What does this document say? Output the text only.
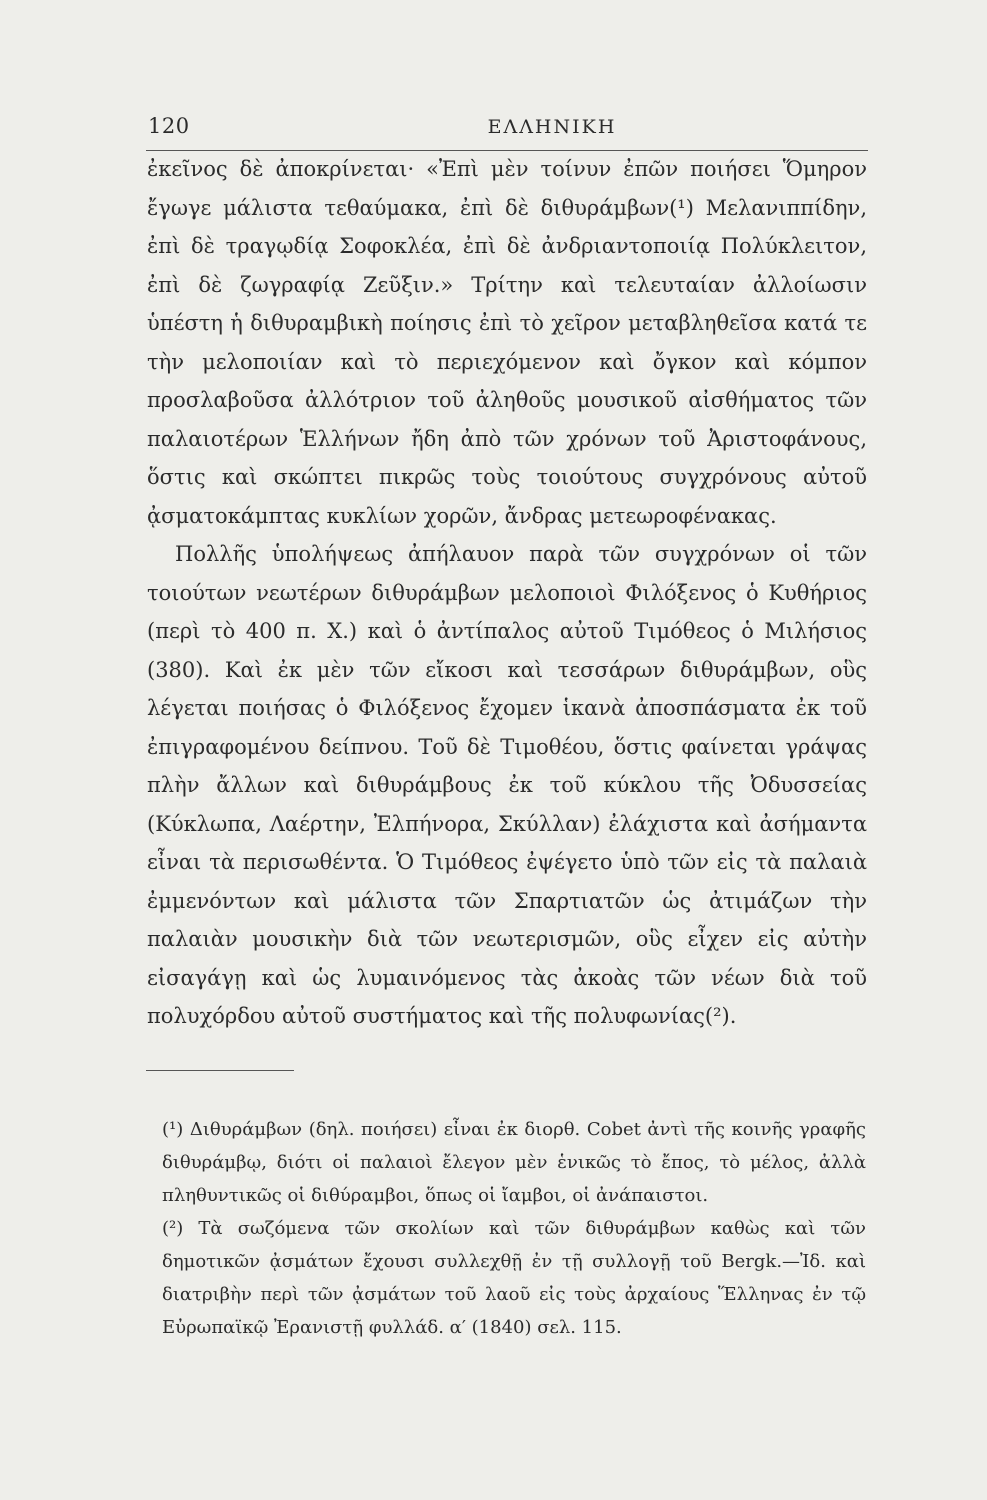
120	ΕΛΛΗΝΙΚΗ

ἐκεῖνος δὲ ἀποκρίνεται· «Ἐπὶ μὲν τοίνυν ἐπῶν ποιήσει Ὅμηρον ἔγωγε μάλιστα τεθαύμακα, ἐπὶ δὲ διθυράμβων(¹) Μελανιππίδην, ἐπὶ δὲ τραγῳδίᾳ Σοφοκλέα, ἐπὶ δὲ ἀνδριαντοποιίᾳ Πολύκλειτον, ἐπὶ δὲ ζωγραφίᾳ Ζεῦξιν.» Τρίτην καὶ τελευταίαν ἀλλοίωσιν ὑπέστη ἡ διθυραμβικὴ ποίησις ἐπὶ τὸ χεῖρον μεταβληθεῖσα κατά τε τὴν μελοποιίαν καὶ τὸ περιεχόμενον καὶ ὄγκον καὶ κόμπον προσλαβοῦσα ἀλλότριον τοῦ ἀληθοῦς μουσικοῦ αἰσθήματος τῶν παλαιοτέρων Ἑλλήνων ἤδη ἀπὸ τῶν χρόνων τοῦ Ἀριστοφάνους, ὅστις καὶ σκώπτει πικρῶς τοὺς τοιούτους συγχρόνους αὐτοῦ ᾀσματοκάμπτας κυκλίων χορῶν, ἄνδρας μετεωροφένακας.

Πολλῆς ὑπολήψεως ἀπήλαυον παρὰ τῶν συγχρόνων οἱ τῶν τοιούτων νεωτέρων διθυράμβων μελοποιοὶ Φιλόξενος ὁ Κυθήριος (περὶ τὸ 400 π. Χ.) καὶ ὁ ἀντίπαλος αὐτοῦ Τιμόθεος ὁ Μιλήσιος (380). Καὶ ἐκ μὲν τῶν εἴκοσι καὶ τεσσάρων διθυράμβων, οὓς λέγεται ποιήσας ὁ Φιλόξενος ἔχομεν ἱκανὰ ἀποσπάσματα ἐκ τοῦ ἐπιγραφομένου δείπνου. Τοῦ δὲ Τιμοθέου, ὅστις φαίνεται γράψας πλὴν ἄλλων καὶ διθυράμβους ἐκ τοῦ κύκλου τῆς Ὀδυσσείας (Κύκλωπα, Λαέρτην, Ἐλπήνορα, Σκύλλαν) ἐλάχιστα καὶ ἀσήμαντα εἶναι τὰ περισωθέντα. Ὁ Τιμόθεος ἐψέγετο ὑπὸ τῶν εἰς τὰ παλαιὰ ἐμμενόντων καὶ μάλιστα τῶν Σπαρτιατῶν ὡς ἀτιμάζων τὴν παλαιὰν μουσικὴν διὰ τῶν νεωτερισμῶν, οὓς εἶχεν εἰς αὐτὴν εἰσαγάγῃ καὶ ὡς λυμαινόμενος τὰς ἀκοὰς τῶν νέων διὰ τοῦ πολυχόρδου αὐτοῦ συστήματος καὶ τῆς πολυφωνίας(²).

(¹) Διθυράμβων (δηλ. ποιήσει) εἶναι ἐκ διορθ. Cobet ἀντὶ τῆς κοινῆς γραφῆς διθυράμβῳ, διότι οἱ παλαιοὶ ἔλεγον μὲν ἑνικῶς τὸ ἔπος, τὸ μέλος, ἀλλὰ πληθυντικῶς οἱ διθύραμβοι, ὅπως οἱ ἴαμβοι, οἱ ἀνάπαιστοι.

(²) Τὰ σωζόμενα τῶν σκολίων καὶ τῶν διθυράμβων καθὼς καὶ τῶν δημοτικῶν ᾀσμάτων ἔχουσι συλλεχθῇ ἐν τῇ συλλογῇ τοῦ Bergk.—Ἰδ. καὶ διατριβὴν περὶ τῶν ᾀσμάτων τοῦ λαοῦ εἰς τοὺς ἀρχαίους Ἕλληνας ἐν τῷ Εὐρωπαϊκῷ Ἐρανιστῇ φυλλάδ. α′ (1840) σελ. 115.
